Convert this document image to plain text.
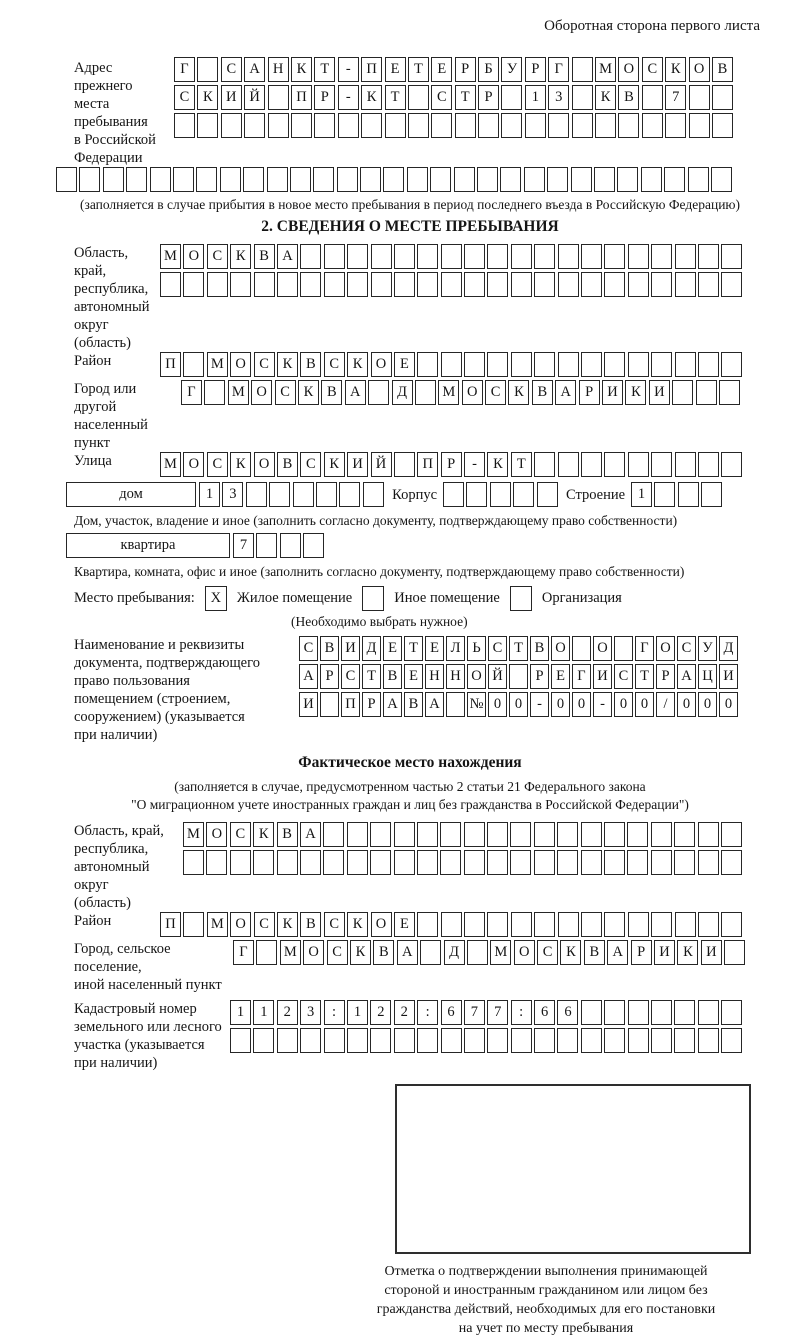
Оборотная сторона первого листа
Адрес прежнего
места пребывания
в Российской
Федерации
Г	С А Н К Т - П Е Т Е Р Б У Р Г М О С К О В
С К И Й	П Р - К Т	С Т Р	1 3	К В	7
(заполняется в случае прибытия в новое место пребывания в период последнего въезда в Российскую Федерацию)
2. СВЕДЕНИЯ О МЕСТЕ ПРЕБЫВАНИЯ
Область, край,
республика,
автономный
округ (область)
М О С К В А
Район	П М О С К В С К О Е
Город или другой
населенный пункт
Г М О С К В А	Д М О С К В А Р И К И
Улица	М О С К О В С К И Й	П Р - К Т
дом	1 3	Корпус	Строение 1
Дом, участок, владение и иное (заполнить согласно документу, подтверждающему право собственности)
квартира	7
Квартира, комната, офис и иное (заполнить согласно документу, подтверждающему право собственности)
Место пребывания:	X	Жилое помещение	Иное помещение	Организация
(Необходимо выбрать нужное)
Наименование и реквизиты
документа, подтверждающего
право пользования
помещением (строением,
сооружением) (указывается
при наличии)
С В И Д Е Т Е Л Ь С Т В О О Г О С У Д
А Р С Т В Е Н Н О Й Р Е Г И С Т Р А Ц И
И П Р А В А № 0 0 - 0 0 - 0 0 / 0 0 0
Фактическое место нахождения
(заполняется в случае, предусмотренном частью 2 статьи 21 Федерального закона
"О миграционном учете иностранных граждан и лиц без гражданства в Российской Федерации")
Область, край,
республика,
автономный округ
(область)
М О С К В А
Район	П М О С К В С К О Е
Город, сельское поселение,
иной населенный пункт
Г М О С К В А	Д М О С К В А Р И К И
Кадастровый номер
земельного или лесного
участка (указывается
при наличии)
1 1 2 3 : 1 2 2 : 6 7 7 : 6 6
Отметка о подтверждении выполнения принимающей
стороной и иностранным гражданином или лицом без
гражданства действий, необходимых для его постановки
на учет по месту пребывания
